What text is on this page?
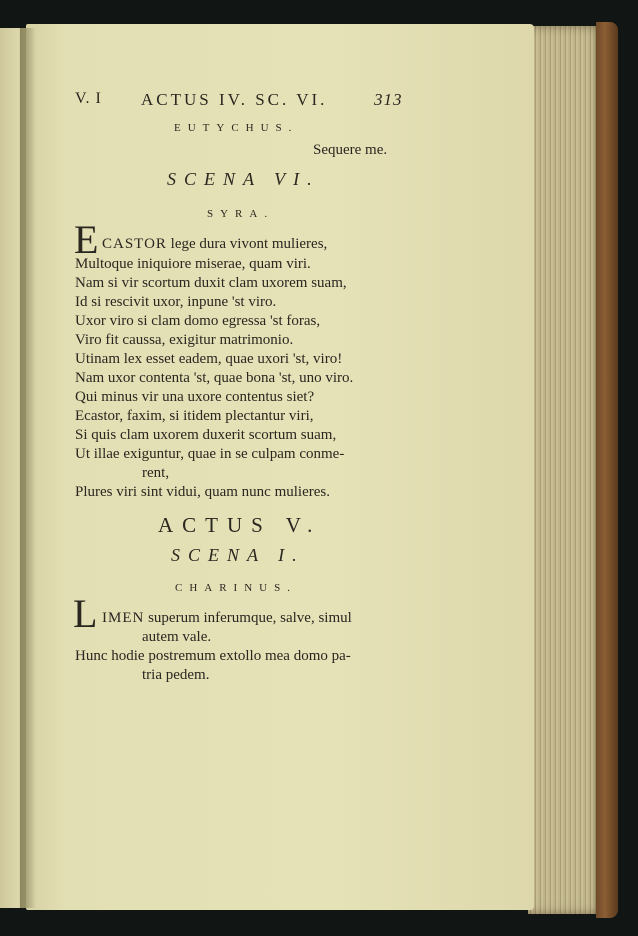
V. I ACTUS IV. SC. VI.	313
EUTYCHUS.
Sequere me.
SCENA VI.
SYRA.
E CASTOR lege dura vivont mulieres,
Multoque iniquiore miserae, quam viri.
Nam si vir scortum duxit clam uxorem suam,
Id si rescivit uxor, inpune 'st viro.
Uxor viro si clam domo egressa 'st foras,
Viro fit caussa, exigitur matrimonio.
Utinam lex esset eadem, quae uxori 'st, viro!
Nam uxor contenta 'st, quae bona 'st, uno viro.
Qui minus vir una uxore contentus siet?
Ecastor, faxim, si itidem plectantur viri,
Si quis clam uxorem duxerit scortum suam,
Ut illae exiguntur, quae in se culpam conme-
rent,
Plures viri sint vidui, quam nunc mulieres.
ACTUS V.
SCENA I.
CHARINUS.
L IMEN superum inferumque, salve, simul
autem vale.
Hunc hodie postremum extollo mea domo pa-
tria pedem.
